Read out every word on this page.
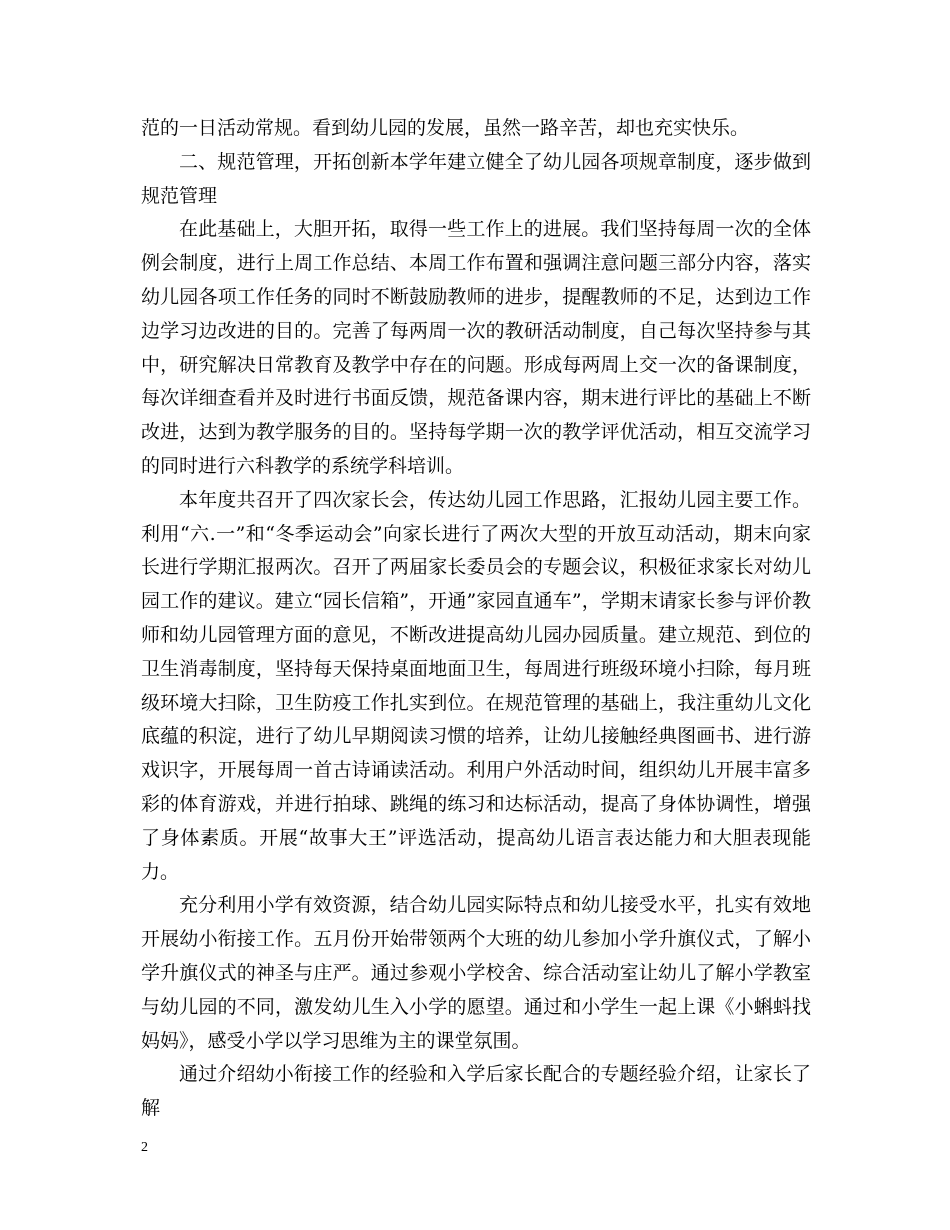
范的一日活动常规。看到幼儿园的发展，虽然一路辛苦，却也充实快乐。

二、规范管理，开拓创新本学年建立健全了幼儿园各项规章制度，逐步做到规范管理

在此基础上，大胆开拓，取得一些工作上的进展。我们坚持每周一次的全体例会制度，进行上周工作总结、本周工作布置和强调注意问题三部分内容，落实幼儿园各项工作任务的同时不断鼓励教师的进步，提醒教师的不足，达到边工作边学习边改进的目的。完善了每两周一次的教研活动制度，自己每次坚持参与其中，研究解决日常教育及教学中存在的问题。形成每两周上交一次的备课制度，每次详细查看并及时进行书面反馈，规范备课内容，期末进行评比的基础上不断改进，达到为教学服务的目的。坚持每学期一次的教学评优活动，相互交流学习的同时进行六科教学的系统学科培训。

本年度共召开了四次家长会，传达幼儿园工作思路，汇报幼儿园主要工作。利用“六.一”和“冬季运动会”向家长进行了两次大型的开放互动活动，期末向家长进行学期汇报两次。召开了两届家长委员会的专题会议，积极征求家长对幼儿园工作的建议。建立“园长信箱”，开通”家园直通车”，学期末请家长参与评价教师和幼儿园管理方面的意见，不断改进提高幼儿园办园质量。建立规范、到位的卫生消毒制度，坚持每天保持桌面地面卫生，每周进行班级环境小扫除，每月班级环境大扫除，卫生防疫工作扎实到位。在规范管理的基础上，我注重幼儿文化底蕴的积淀，进行了幼儿早期阅读习惯的培养，让幼儿接触经典图画书、进行游戏识字，开展每周一首古诗诵读活动。利用户外活动时间，组织幼儿开展丰富多彩的体育游戏，并进行拍球、跳绳的练习和达标活动，提高了身体协调性，增强了身体素质。开展“故事大王”评选活动，提高幼儿语言表达能力和大胆表现能力。

充分利用小学有效资源，结合幼儿园实际特点和幼儿接受水平，扎实有效地开展幼小衔接工作。五月份开始带领两个大班的幼儿参加小学升旗仪式，了解小学升旗仪式的神圣与庄严。通过参观小学校舍、综合活动室让幼儿了解小学教室与幼儿园的不同，激发幼儿生入小学的愿望。通过和小学生一起上课《小蝌蚪找妈妈》，感受小学以学习思维为主的课堂氛围。

通过介绍幼小衔接工作的经验和入学后家长配合的专题经验介绍，让家长了解

2
